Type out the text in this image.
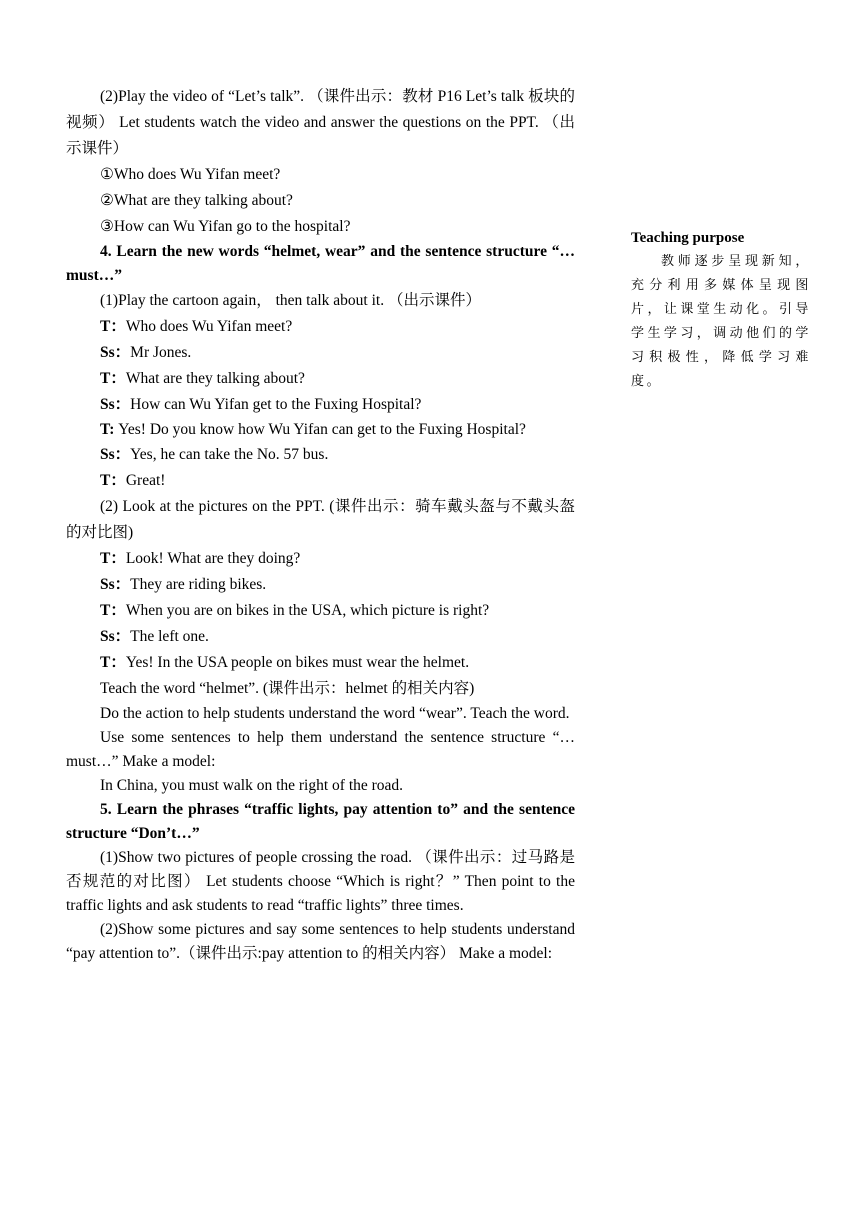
(2)Play the video of “Let’s talk”. （课件出示：教材 P16 Let’s talk 板块的视频） Let students watch the video and answer the questions on the PPT. （出示课件）

①Who does Wu Yifan meet?

②What are they talking about?

③How can Wu Yifan go to the hospital?

4. Learn the new words “helmet, wear” and the sentence structure “…must…”

(1)Play the cartoon again， then talk about it. （出示课件）

T：Who does Wu Yifan meet?

Ss：Mr Jones.

T：What are they talking about?

Ss：How can Wu Yifan get to the Fuxing Hospital?

T: Yes! Do you know how Wu Yifan can get to the Fuxing Hospital?

Ss：Yes, he can take the No. 57 bus.

T：Great!

(2) Look at the pictures on the PPT. (课件出示：骑车戴头盔与不戴头盔的对比图)

T：Look! What are they doing?

Ss：They are riding bikes.

T：When you are on bikes in the USA, which picture is right?

Ss：The left one.

T：Yes! In the USA people on bikes must wear the helmet.

Teach the word “helmet”. (课件出示：helmet 的相关内容)

Do the action to help students understand the word “wear”. Teach the word.

Use some sentences to help them understand the sentence structure “…must…” Make a model:

In China, you must walk on the right of the road.

5. Learn the phrases “traffic lights, pay attention to” and the sentence structure “Don’t…”

(1)Show two pictures of people crossing the road. （课件出示：过马路是否规范的对比图） Let students choose “Which is right？” Then point to the traffic lights and ask students to read “traffic lights” three times.

(2)Show some pictures and say some sentences to help students understand “pay attention to”.（课件出示:pay attention to 的相关内容） Make a model:

Teaching purpose

教师逐步呈现新知，充分利用多媒体呈现图片，让课堂生动化。引导学生学习，调动他们的学习积极性，降低学习难度。
